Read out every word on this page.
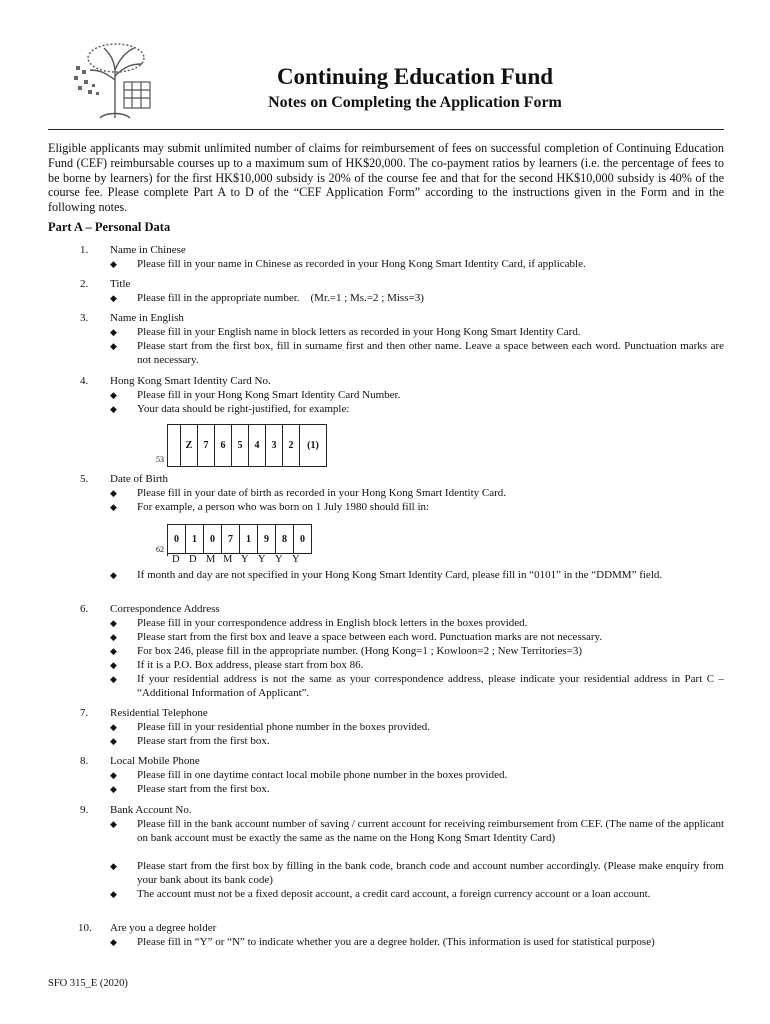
Continuing Education Fund
Notes on Completing the Application Form
Eligible applicants may submit unlimited number of claims for reimbursement of fees on successful completion of Continuing Education Fund (CEF) reimbursable courses up to a maximum sum of HK$20,000. The co-payment ratios by learners (i.e. the percentage of fees to be borne by learners) for the first HK$10,000 subsidy is 20% of the course fee and that for the second HK$10,000 subsidy is 40% of the course fee. Please complete Part A to D of the “CEF Application Form” according to the instructions given in the Form and in the following notes.
Part A – Personal Data
1. Name in Chinese
◆ Please fill in your name in Chinese as recorded in your Hong Kong Smart Identity Card, if applicable.
2. Title
◆ Please fill in the appropriate number.    (Mr.=1 ; Ms.=2 ; Miss=3)
3. Name in English
◆ Please fill in your English name in block letters as recorded in your Hong Kong Smart Identity Card.
◆ Please start from the first box, fill in surname first and then other name. Leave a space between each word. Punctuation marks are not necessary.
4. Hong Kong Smart Identity Card No.
◆ Please fill in your Hong Kong Smart Identity Card Number.
◆ Your data should be right-justified, for example:
53
Z	7	6	5	4	3	2	(1)
5. Date of Birth
◆ Please fill in your date of birth as recorded in your Hong Kong Smart Identity Card.
◆ For example, a person who was born on 1 July 1980 should fill in:
62
0	1	0	7	1	9	8	0
D D M M Y Y Y Y
◆ If month and day are not specified in your Hong Kong Smart Identity Card, please fill in “0101” in the “DDMM” field.
6. Correspondence Address
◆ Please fill in your correspondence address in English block letters in the boxes provided.
◆ Please start from the first box and leave a space between each word. Punctuation marks are not necessary.
◆ For box 246, please fill in the appropriate number. (Hong Kong=1 ; Kowloon=2 ; New Territories=3)
◆ If it is a P.O. Box address, please start from box 86.
◆ If your residential address is not the same as your correspondence address, please indicate your residential address in Part C – “Additional Information of Applicant”.
7. Residential Telephone
◆ Please fill in your residential phone number in the boxes provided.
◆ Please start from the first box.
8. Local Mobile Phone
◆ Please fill in one daytime contact local mobile phone number in the boxes provided.
◆ Please start from the first box.
9. Bank Account No.
◆ Please fill in the bank account number of saving / current account for receiving reimbursement from CEF. (The name of the applicant on bank account must be exactly the same as the name on the Hong Kong Smart Identity Card)
◆ Please start from the first box by filling in the bank code, branch code and account number accordingly. (Please make enquiry from your bank about its bank code)
◆ The account must not be a fixed deposit account, a credit card account, a foreign currency account or a loan account.
10. Are you a degree holder
◆ Please fill in “Y” or “N” to indicate whether you are a degree holder. (This information is used for statistical purpose)
SFO 315_E (2020)
